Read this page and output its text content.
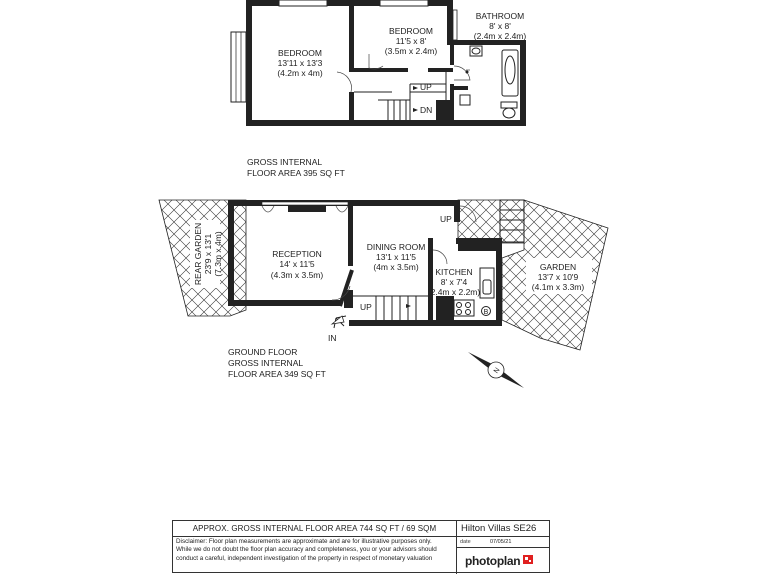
BEDROOM
13'11 x 13'3
(4.2m x 4m)
BEDROOM
11'5 x 8'
(3.5m x 2.4m)
BATHROOM
8' x 8'
(2.4m x 2.4m)
UP
DN
GROSS INTERNAL
FLOOR AREA 395 SQ FT
N
REAR GARDEN 23'9 x 13'1 (7.3m x 4m)	RECEPTION
14' x 11'5
(4.3m x 3.5m)
DINING ROOM
13'1 x 11'5
(4m x 3.5m) KITCHEN
8' x 7'4
(2.4m x 2.2m)
GARDEN
13'7 x 10'9
(4.1m x 3.3m)
UP
UP
IN
B
GROUND FLOOR
GROSS INTERNAL
FLOOR AREA 349 SQ FT
APPROX. GROSS INTERNAL FLOOR AREA 744 SQ FT / 69 SQM
Disclaimer: Floor plan measurements are approximate and are for illustrative purposes only.
While we do not doubt the floor plan accuracy and completeness, you or your advisors should
conduct a careful, independent investigation of the property in respect of monetary valuation
Hilton Villas SE26
date	07/05/21
photoplan
